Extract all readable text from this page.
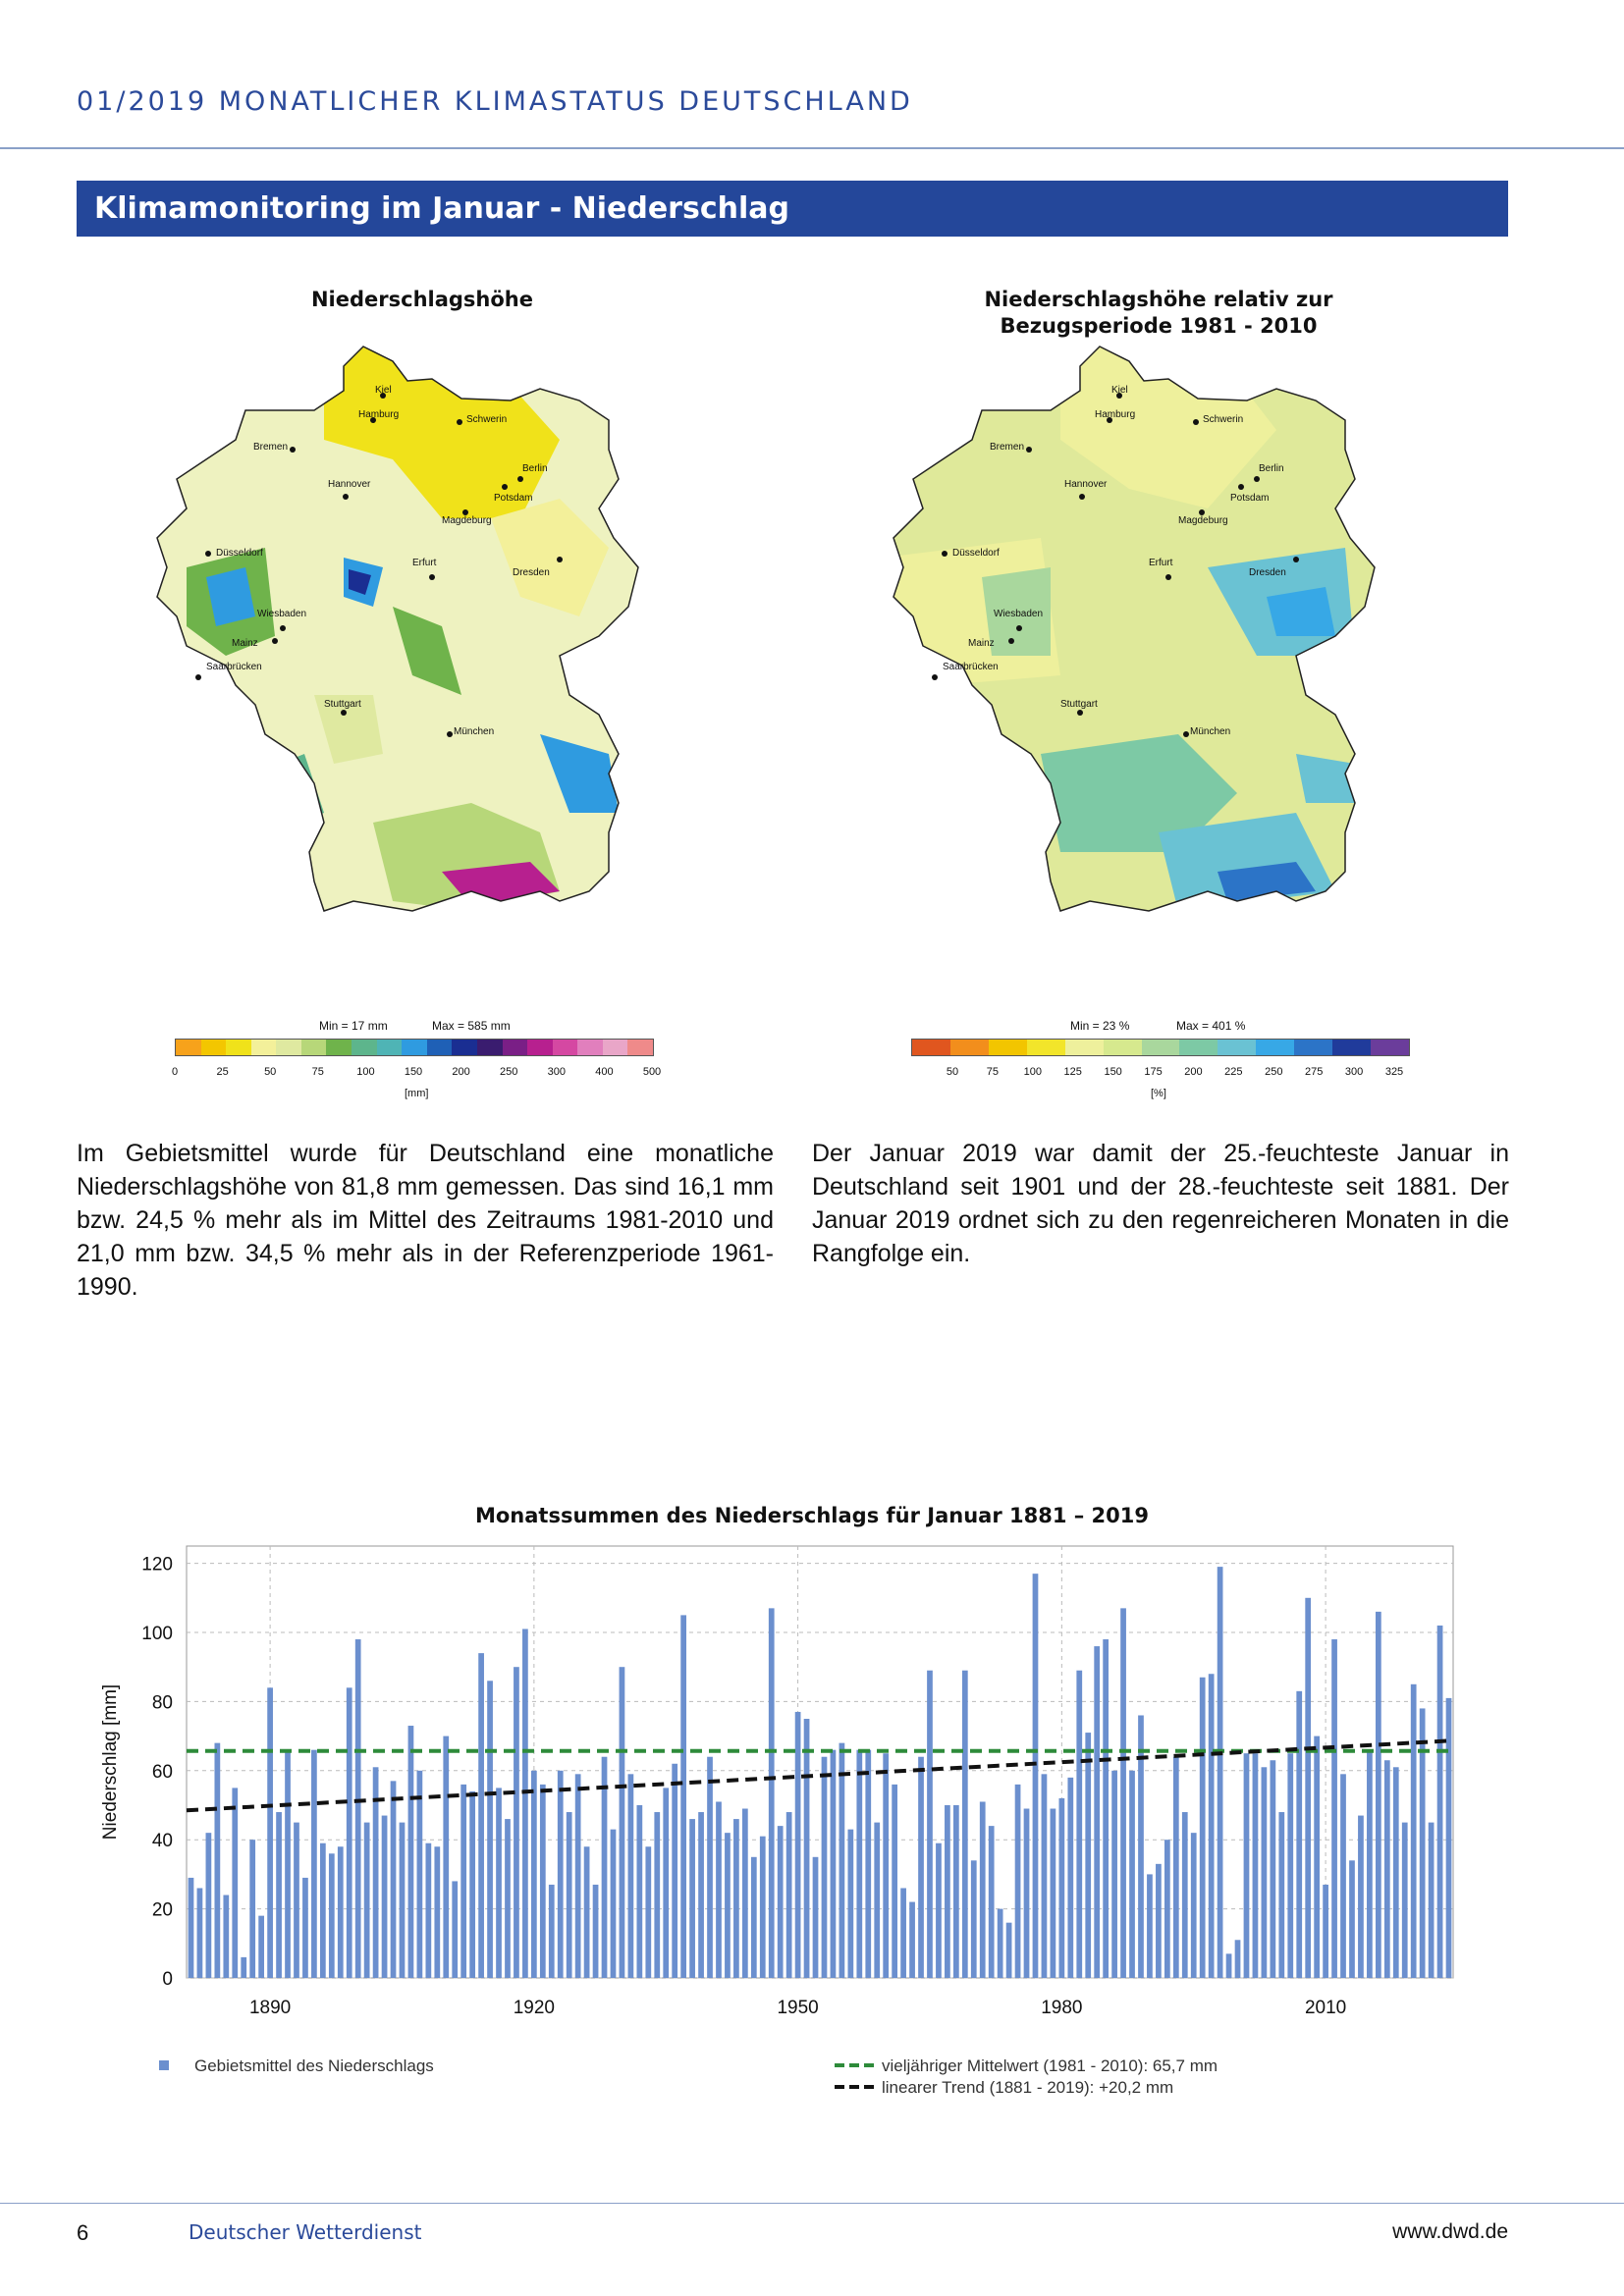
01/2019 MONATLICHER KLIMASTATUS DEUTSCHLAND
Klimamonitoring im Januar - Niederschlag
Niederschlagshöhe
Kiel
Hamburg	Schwerin
Bremen
Berlin
Hannover
Potsdam
Magdeburg
Düsseldorf
Erfurt
Dresden
Wiesbaden
Mainz
Saarbrücken
Stuttgart
München
Min = 17 mm	Max = 585 mm
0	25	50	75	100	150	200	250	300	400	500
[mm]
Niederschlagshöhe relativ zur
Bezugsperiode 1981 - 2010
Kiel
Hamburg	Schwerin
Bremen
Berlin
Hannover
Potsdam
Magdeburg
Düsseldorf
Erfurt
Dresden
Wiesbaden
Mainz
Saarbrücken
Stuttgart
München
Min = 23 %	Max = 401 %
50	75 100 125 150 175 200 225 250 275 300 325
[%]
Im Gebietsmittel wurde für Deutschland eine monatliche Niederschlagshöhe von 81,8 mm gemessen. Das sind 16,1 mm bzw. 24,5 % mehr als im Mittel des Zeitraums 1981-2010 und 21,0 mm bzw. 34,5 % mehr als in der Referenzperiode 1961-1990.
Der Januar 2019 war damit der 25.-feuchteste Januar in Deutschland seit 1901 und der 28.-feuchteste seit 1881. Der Januar 2019 ordnet sich zu den regenreicheren Monaten in die Rangfolge ein.
Monatssummen des Niederschlags für Januar 1881 – 2019
0
20
40
60
80
100
120
1890	1920	1950	1980	2010
Niederschlag [mm]
Gebietsmittel des Niederschlags	vieljähriger Mittelwert (1981 - 2010): 65,7 mm
linearer Trend (1881 - 2019): +20,2 mm
6	Deutscher Wetterdienst	www.dwd.de
